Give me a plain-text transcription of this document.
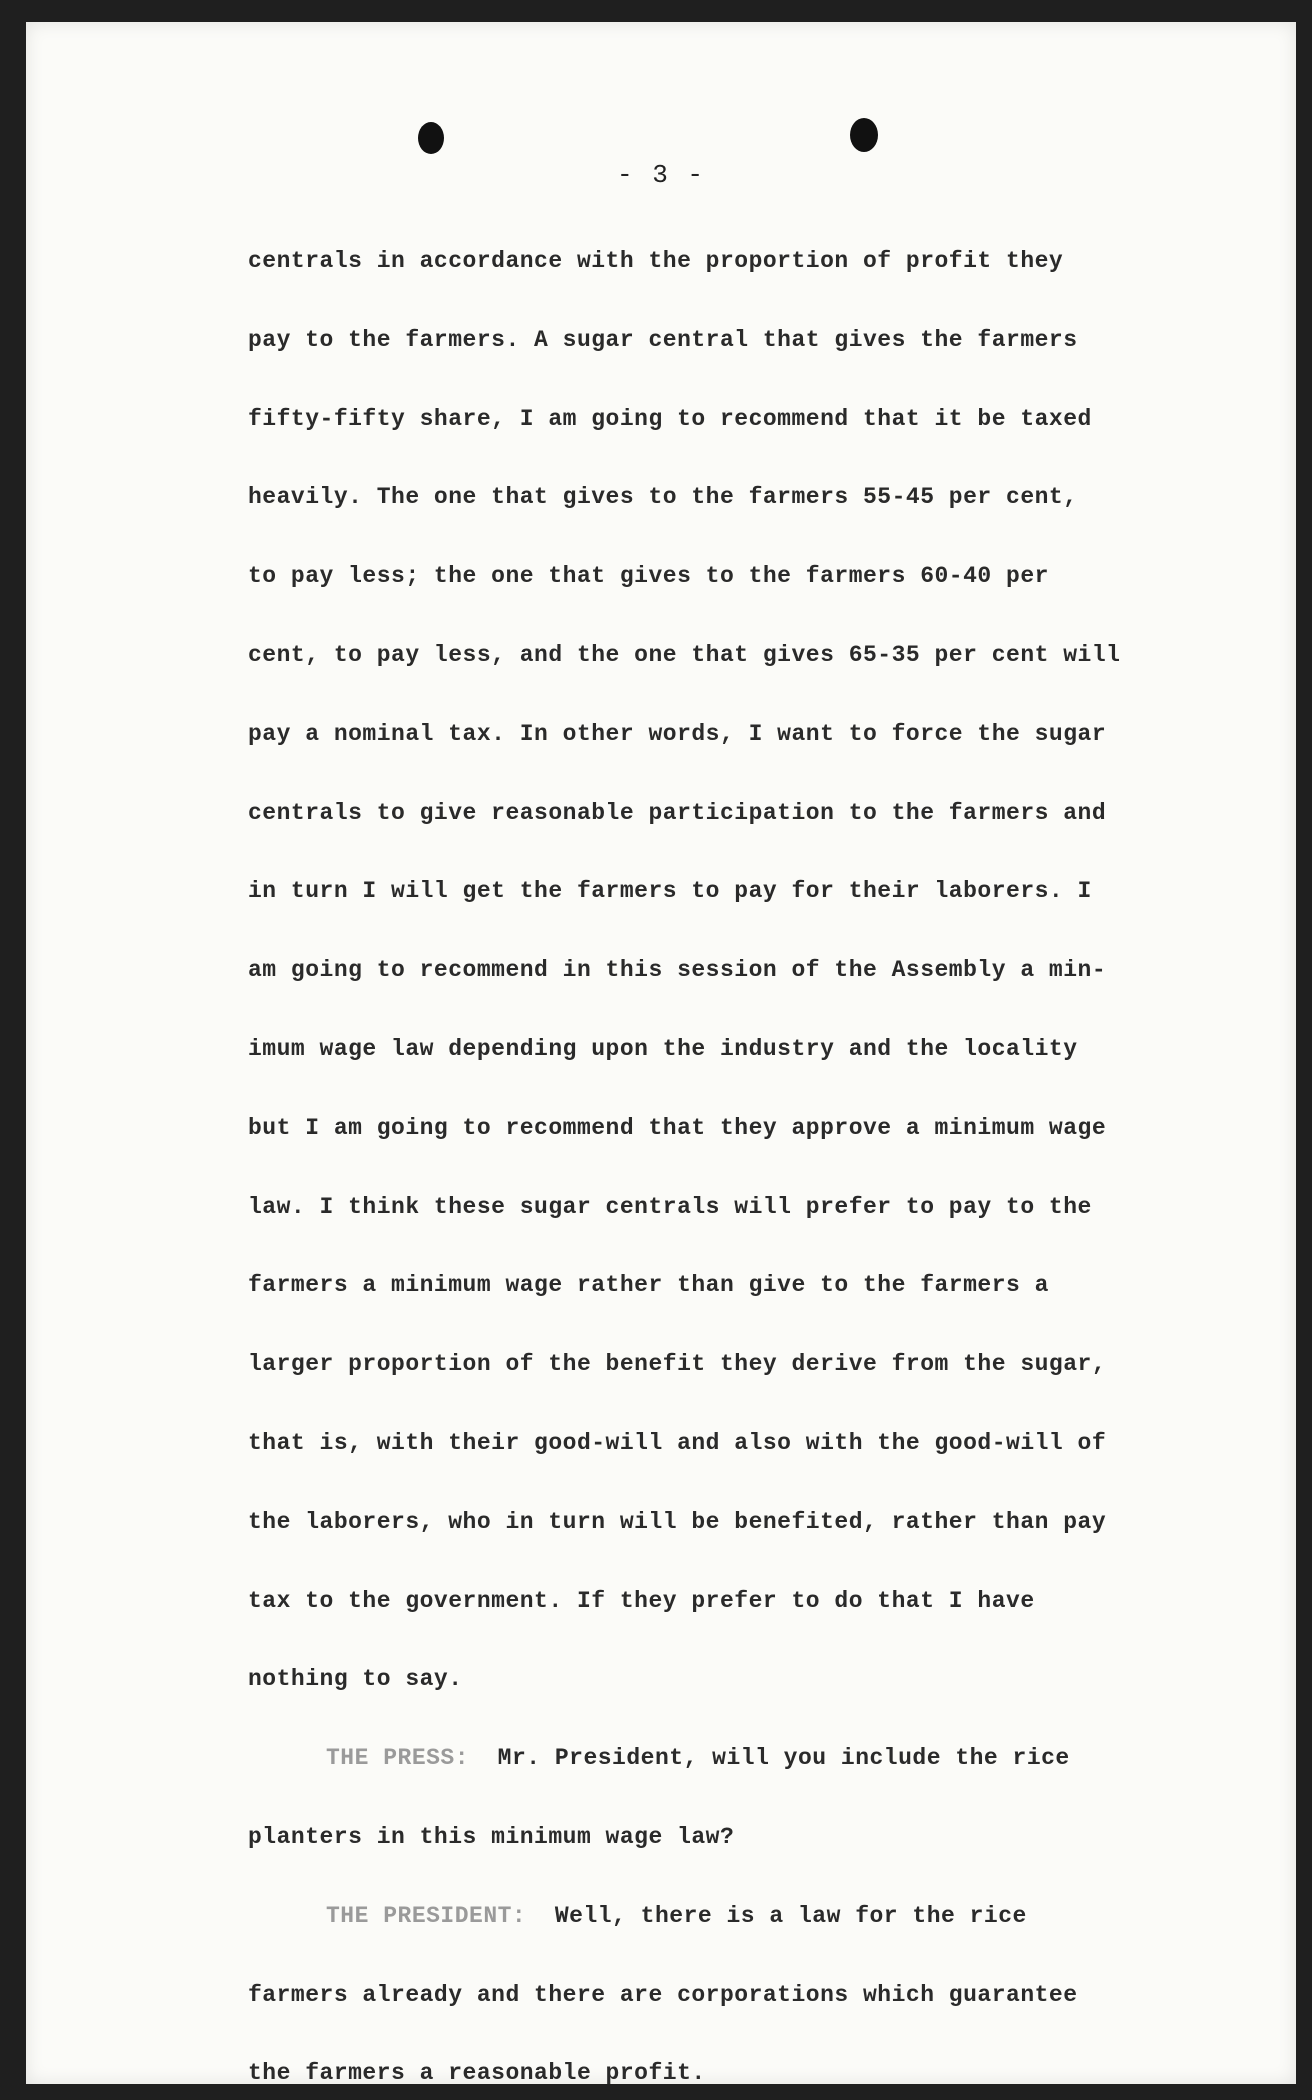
- 3 -
centrals in accordance with the proportion of profit they
pay to the farmers. A sugar central that gives the farmers
fifty-fifty share, I am going to recommend that it be taxed
heavily. The one that gives to the farmers 55-45 per cent,
to pay less; the one that gives to the farmers 60-40 per
cent, to pay less, and the one that gives 65-35 per cent will
pay a nominal tax. In other words, I want to force the sugar
centrals to give reasonable participation to the farmers and
in turn I will get the farmers to pay for their laborers. I
am going to recommend in this session of the Assembly a min-
imum wage law depending upon the industry and the locality
but I am going to recommend that they approve a minimum wage
law. I think these sugar centrals will prefer to pay to the
farmers a minimum wage rather than give to the farmers a
larger proportion of the benefit they derive from the sugar,
that is, with their good-will and also with the good-will of
the laborers, who in turn will be benefited, rather than pay
tax to the government. If they prefer to do that I have
nothing to say.
THE PRESS: Mr. President, will you include the rice
planters in this minimum wage law?
THE PRESIDENT: Well, there is a law for the rice
farmers already and there are corporations which guarantee
the farmers a reasonable profit.
